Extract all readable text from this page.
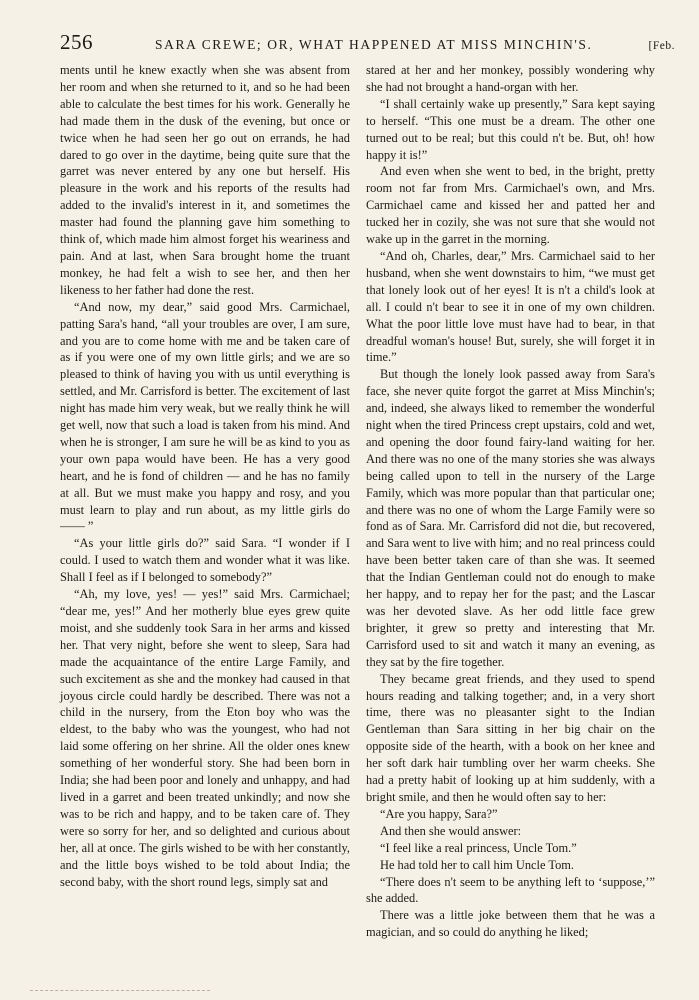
256	SARA CREWE; OR, WHAT HAPPENED AT MISS MINCHIN'S.	[Feb.

ments until he knew exactly when she was absent from her room and when she returned to it, and so he had been able to calculate the best times for his work. Generally he had made them in the dusk of the evening, but once or twice when he had seen her go out on errands, he had dared to go over in the daytime, being quite sure that the garret was never entered by any one but herself. His pleasure in the work and his reports of the results had added to the invalid's interest in it, and sometimes the master had found the planning gave him something to think of, which made him almost forget his weariness and pain. And at last, when Sara brought home the truant monkey, he had felt a wish to see her, and then her likeness to her father had done the rest.

“And now, my dear,” said good Mrs. Carmichael, patting Sara's hand, “all your troubles are over, I am sure, and you are to come home with me and be taken care of as if you were one of my own little girls; and we are so pleased to think of having you with us until everything is settled, and Mr. Carrisford is better. The excitement of last night has made him very weak, but we really think he will get well, now that such a load is taken from his mind. And when he is stronger, I am sure he will be as kind to you as your own papa would have been. He has a very good heart, and he is fond of children — and he has no family at all. But we must make you happy and rosy, and you must learn to play and run about, as my little girls do —— ”

“As your little girls do?” said Sara. “I wonder if I could. I used to watch them and wonder what it was like. Shall I feel as if I belonged to somebody?”

“Ah, my love, yes! — yes!” said Mrs. Carmichael; “dear me, yes!” And her motherly blue eyes grew quite moist, and she suddenly took Sara in her arms and kissed her. That very night, before she went to sleep, Sara had made the acquaintance of the entire Large Family, and such excitement as she and the monkey had caused in that joyous circle could hardly be described. There was not a child in the nursery, from the Eton boy who was the eldest, to the baby who was the youngest, who had not laid some offering on her shrine. All the older ones knew something of her wonderful story. She had been born in India; she had been poor and lonely and unhappy, and had lived in a garret and been treated unkindly; and now she was to be rich and happy, and to be taken care of. They were so sorry for her, and so delighted and curious about her, all at once. The girls wished to be with her constantly, and the little boys wished to be told about India; the second baby, with the short round legs, simply sat and

stared at her and her monkey, possibly wondering why she had not brought a hand-organ with her.

“I shall certainly wake up presently,” Sara kept saying to herself. “This one must be a dream. The other one turned out to be real; but this could n't be. But, oh! how happy it is!”

And even when she went to bed, in the bright, pretty room not far from Mrs. Carmichael's own, and Mrs. Carmichael came and kissed her and patted her and tucked her in cozily, she was not sure that she would not wake up in the garret in the morning.

“And oh, Charles, dear,” Mrs. Carmichael said to her husband, when she went downstairs to him, “we must get that lonely look out of her eyes! It is n't a child's look at all. I could n't bear to see it in one of my own children. What the poor little love must have had to bear, in that dreadful woman's house! But, surely, she will forget it in time.”

But though the lonely look passed away from Sara's face, she never quite forgot the garret at Miss Minchin's; and, indeed, she always liked to remember the wonderful night when the tired Princess crept upstairs, cold and wet, and opening the door found fairy-land waiting for her. And there was no one of the many stories she was always being called upon to tell in the nursery of the Large Family, which was more popular than that particular one; and there was no one of whom the Large Family were so fond as of Sara. Mr. Carrisford did not die, but recovered, and Sara went to live with him; and no real princess could have been better taken care of than she was. It seemed that the Indian Gentleman could not do enough to make her happy, and to repay her for the past; and the Lascar was her devoted slave. As her odd little face grew brighter, it grew so pretty and interesting that Mr. Carrisford used to sit and watch it many an evening, as they sat by the fire together.

They became great friends, and they used to spend hours reading and talking together; and, in a very short time, there was no pleasanter sight to the Indian Gentleman than Sara sitting in her big chair on the opposite side of the hearth, with a book on her knee and her soft dark hair tumbling over her warm cheeks. She had a pretty habit of looking up at him suddenly, with a bright smile, and then he would often say to her:

“Are you happy, Sara?”

And then she would answer:

“I feel like a real princess, Uncle Tom.”

He had told her to call him Uncle Tom.

“There does n't seem to be anything left to ‘suppose,’” she added.

There was a little joke between them that he was a magician, and so could do anything he liked;
